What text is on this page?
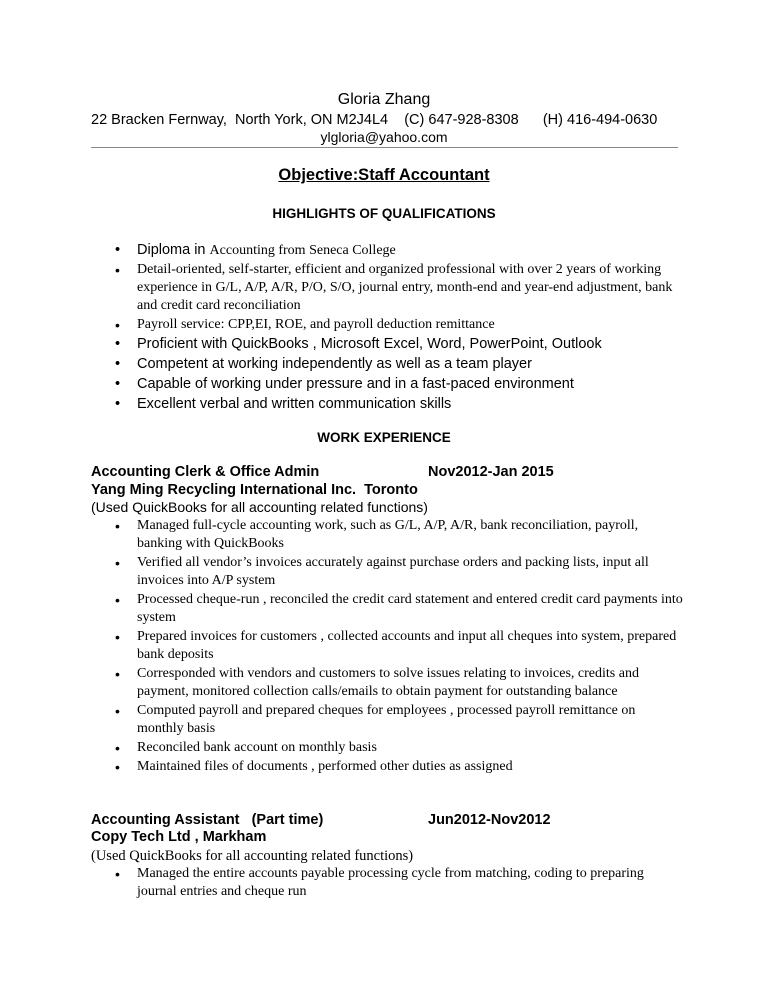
Gloria Zhang
22 Bracken Fernway,  North York, ON M2J4L4    (C) 647-928-8308      (H) 416-494-0630
ylgloria@yahoo.com
Objective:Staff Accountant
HIGHLIGHTS OF QUALIFICATIONS
• Diploma in Accounting from Seneca College
• Detail-oriented, self-starter, efficient and organized professional with over 2 years of working experience in G/L, A/P, A/R, P/O, S/O, journal entry, month-end and year-end adjustment, bank and credit card reconciliation
• Payroll service: CPP,EI, ROE, and payroll deduction remittance
• Proficient with QuickBooks , Microsoft Excel, Word, PowerPoint, Outlook
• Competent at working independently as well as a team player
• Capable of working under pressure and in a fast-paced environment
• Excellent verbal and written communication skills
WORK EXPERIENCE
Accounting Clerk & Office Admin	Nov2012-Jan 2015
Yang Ming Recycling International Inc.  Toronto
(Used QuickBooks for all accounting related functions)
• Managed full-cycle accounting work, such as G/L, A/P, A/R, bank reconciliation, payroll, banking with QuickBooks
• Verified all vendor’s invoices accurately against purchase orders and packing lists, input all invoices into A/P system
• Processed cheque-run , reconciled the credit card statement and entered credit card payments into system
• Prepared invoices for customers , collected accounts and input all cheques into system, prepared bank deposits
• Corresponded with vendors and customers to solve issues relating to invoices, credits and payment, monitored collection calls/emails to obtain payment for outstanding balance
• Computed payroll and prepared cheques for employees , processed payroll remittance on monthly basis
• Reconciled bank account on monthly basis
• Maintained files of documents , performed other duties as assigned
Accounting Assistant   (Part time)	Jun2012-Nov2012
Copy Tech Ltd , Markham
(Used QuickBooks for all accounting related functions)
• Managed the entire accounts payable processing cycle from matching, coding to preparing journal entries and cheque run
